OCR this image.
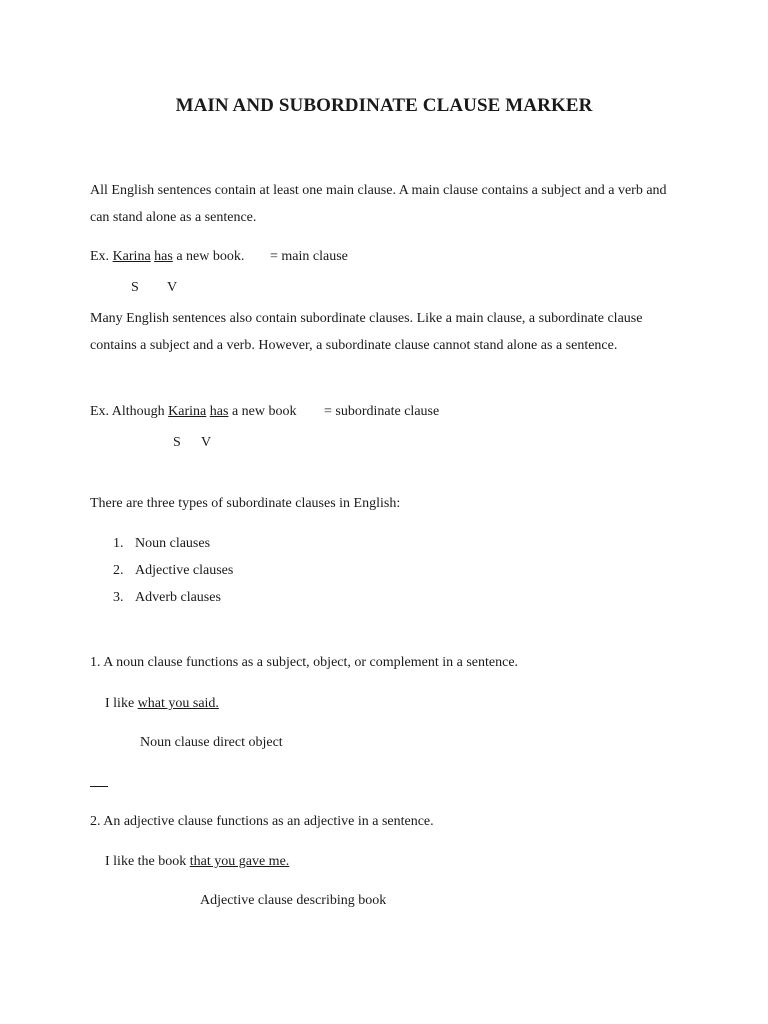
MAIN AND SUBORDINATE CLAUSE MARKER
All English sentences contain at least one main clause. A main clause contains a subject and a verb and can stand alone as a sentence.
Ex. Karina has a new book. = main clause
S V
Many English sentences also contain subordinate clauses. Like a main clause, a subordinate clause contains a subject and a verb. However, a subordinate clause cannot stand alone as a sentence.
Ex. Although Karina has a new book = subordinate clause
S V
There are three types of subordinate clauses in English:
1. Noun clauses
2. Adjective clauses
3. Adverb clauses
1. A noun clause functions as a subject, object, or complement in a sentence.
I like what you said.
Noun clause direct object
2. An adjective clause functions as an adjective in a sentence.
I like the book that you gave me.
Adjective clause describing book
